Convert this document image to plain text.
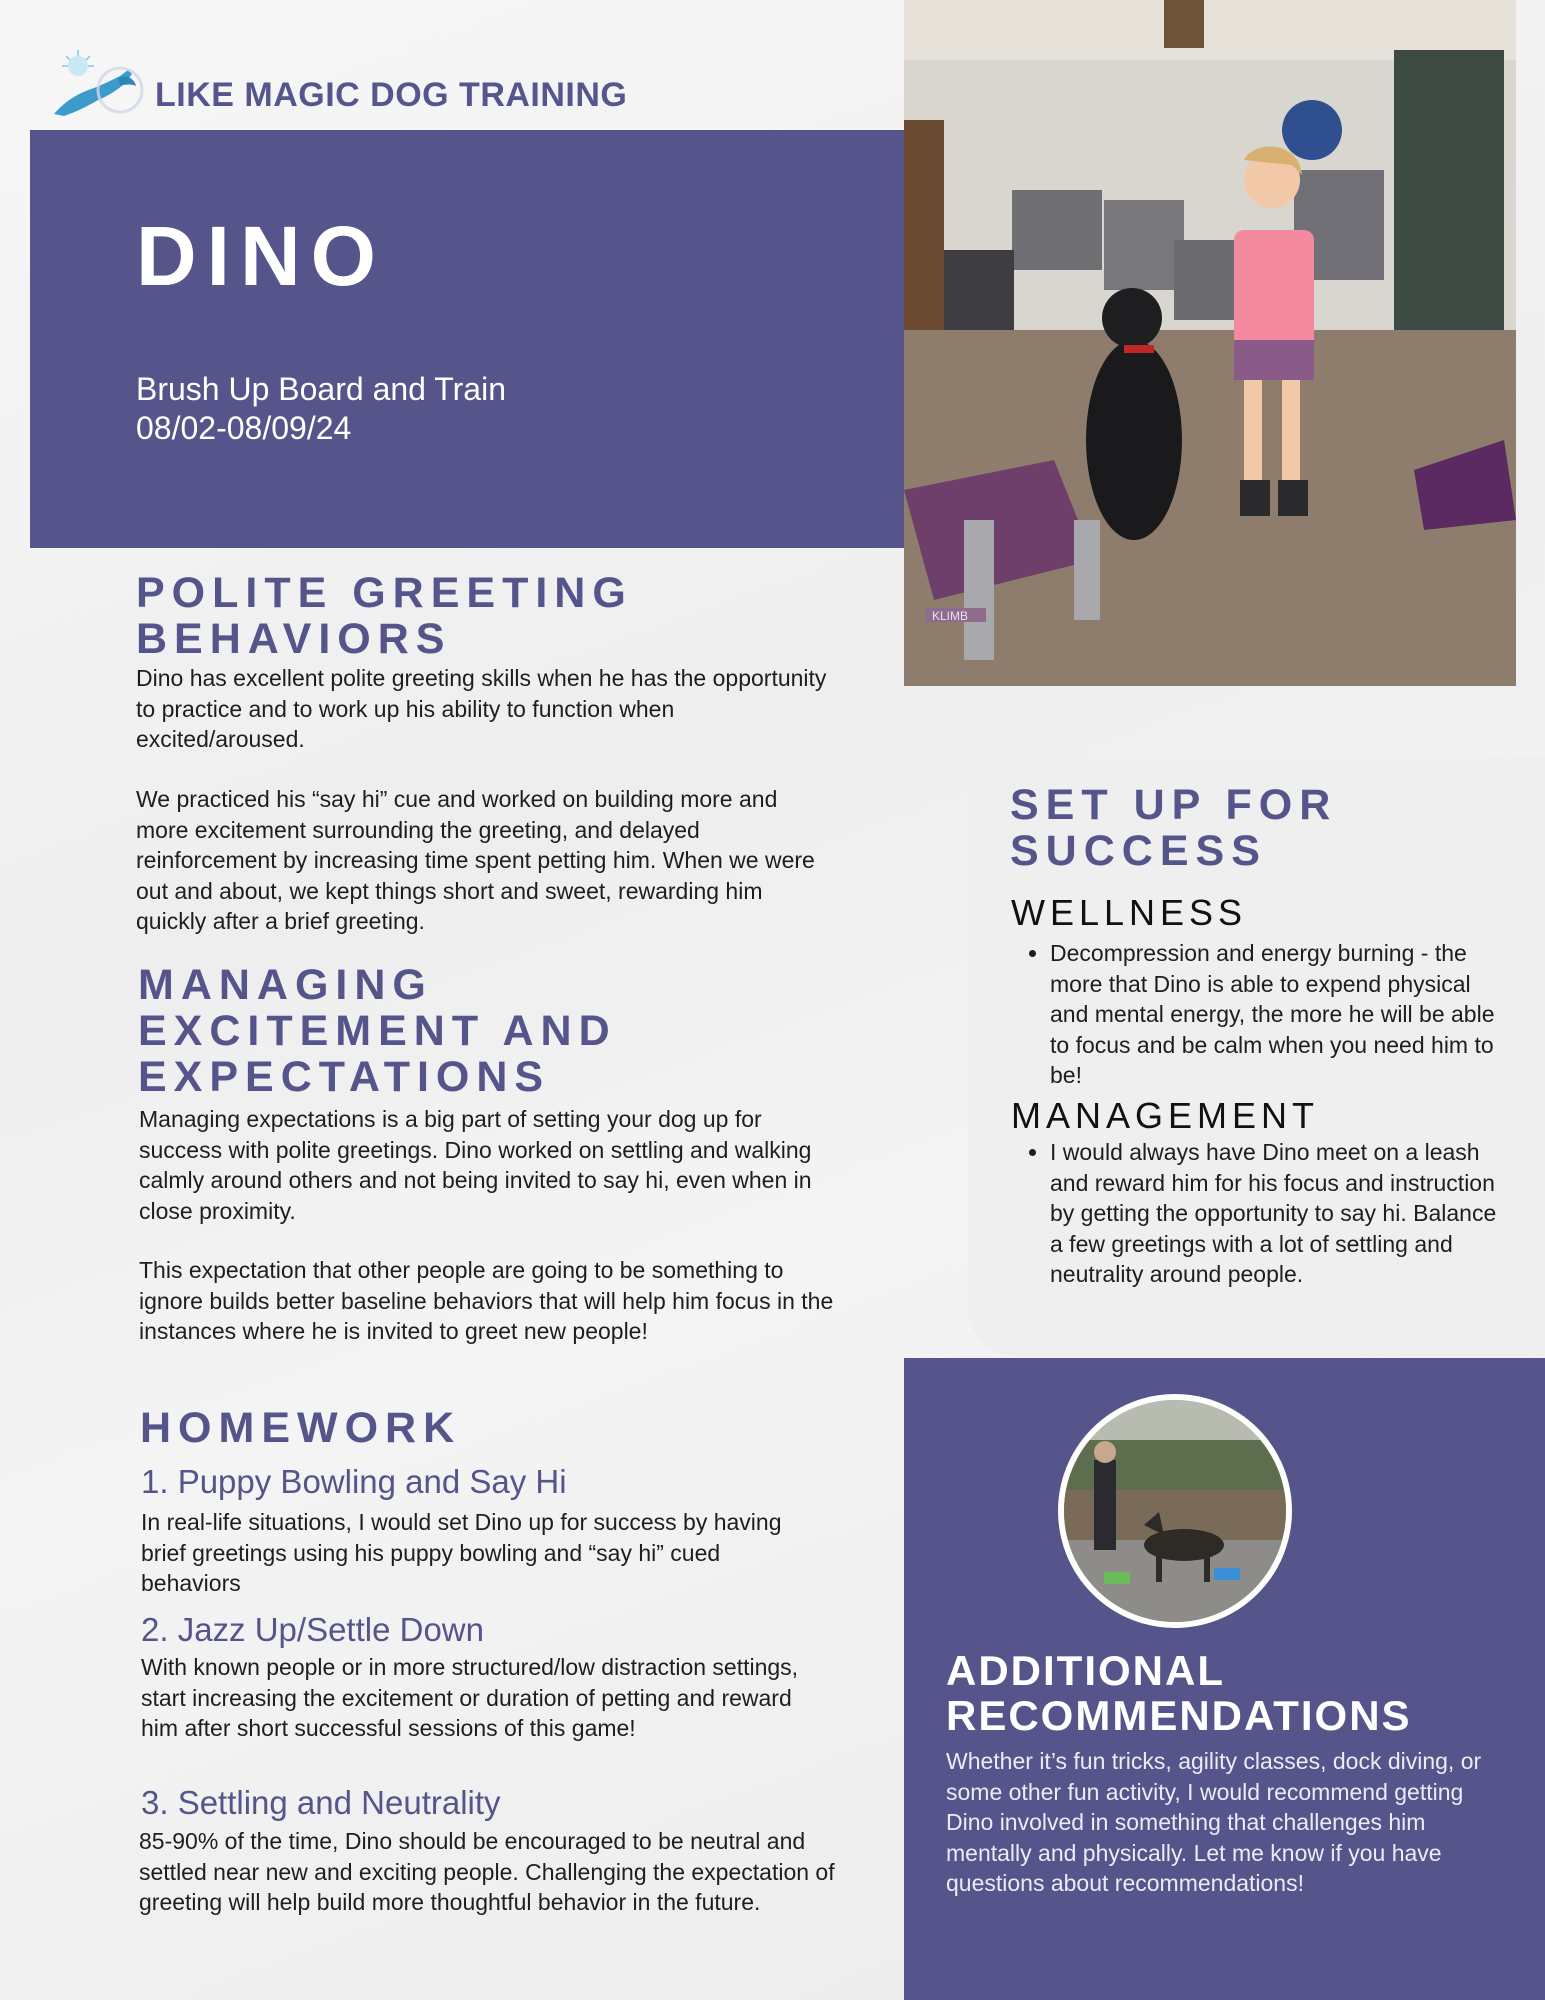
LIKE MAGIC DOG TRAINING
DINO
Brush Up Board and Train
08/02-08/09/24
KLIMB
POLITE GREETING BEHAVIORS
Dino has excellent polite greeting skills when he has the opportunity to practice and to work up his ability to function when excited/aroused.
We practiced his “say hi” cue and worked on building more and more excitement surrounding the greeting, and delayed reinforcement by increasing time spent petting him. When we were out and about, we kept things short and sweet, rewarding him quickly after a brief greeting.
MANAGING EXCITEMENT AND EXPECTATIONS
Managing expectations is a big part of setting your dog up for success with polite greetings. Dino worked on settling and walking calmly around others and not being invited to say hi, even when in close proximity.
This expectation that other people are going to be something to ignore builds better baseline behaviors that will help him focus in the instances where he is invited to greet new people!
HOMEWORK
1. Puppy Bowling and Say Hi
In real-life situations, I would set Dino up for success by having brief greetings using his puppy bowling and “say hi” cued behaviors
2. Jazz Up/Settle Down
With known people or in more structured/low distraction settings, start increasing the excitement or duration of petting and reward him after short successful sessions of this game!
3. Settling and Neutrality
85-90% of the time, Dino should be encouraged to be neutral and settled near new and exciting people. Challenging the expectation of greeting will help build more thoughtful behavior in the future.
SET UP FOR SUCCESS
WELLNESS
• Decompression and energy burning - the more that Dino is able to expend physical and mental energy, the more he will be able to focus and be calm when you need him to be!
MANAGEMENT
• I would always have Dino meet on a leash and reward him for his focus and instruction by getting the opportunity to say hi. Balance a few greetings with a lot of settling and neutrality around people.
ADDITIONAL RECOMMENDATIONS
Whether it’s fun tricks, agility classes, dock diving, or some other fun activity, I would recommend getting Dino involved in something that challenges him mentally and physically. Let me know if you have questions about recommendations!
